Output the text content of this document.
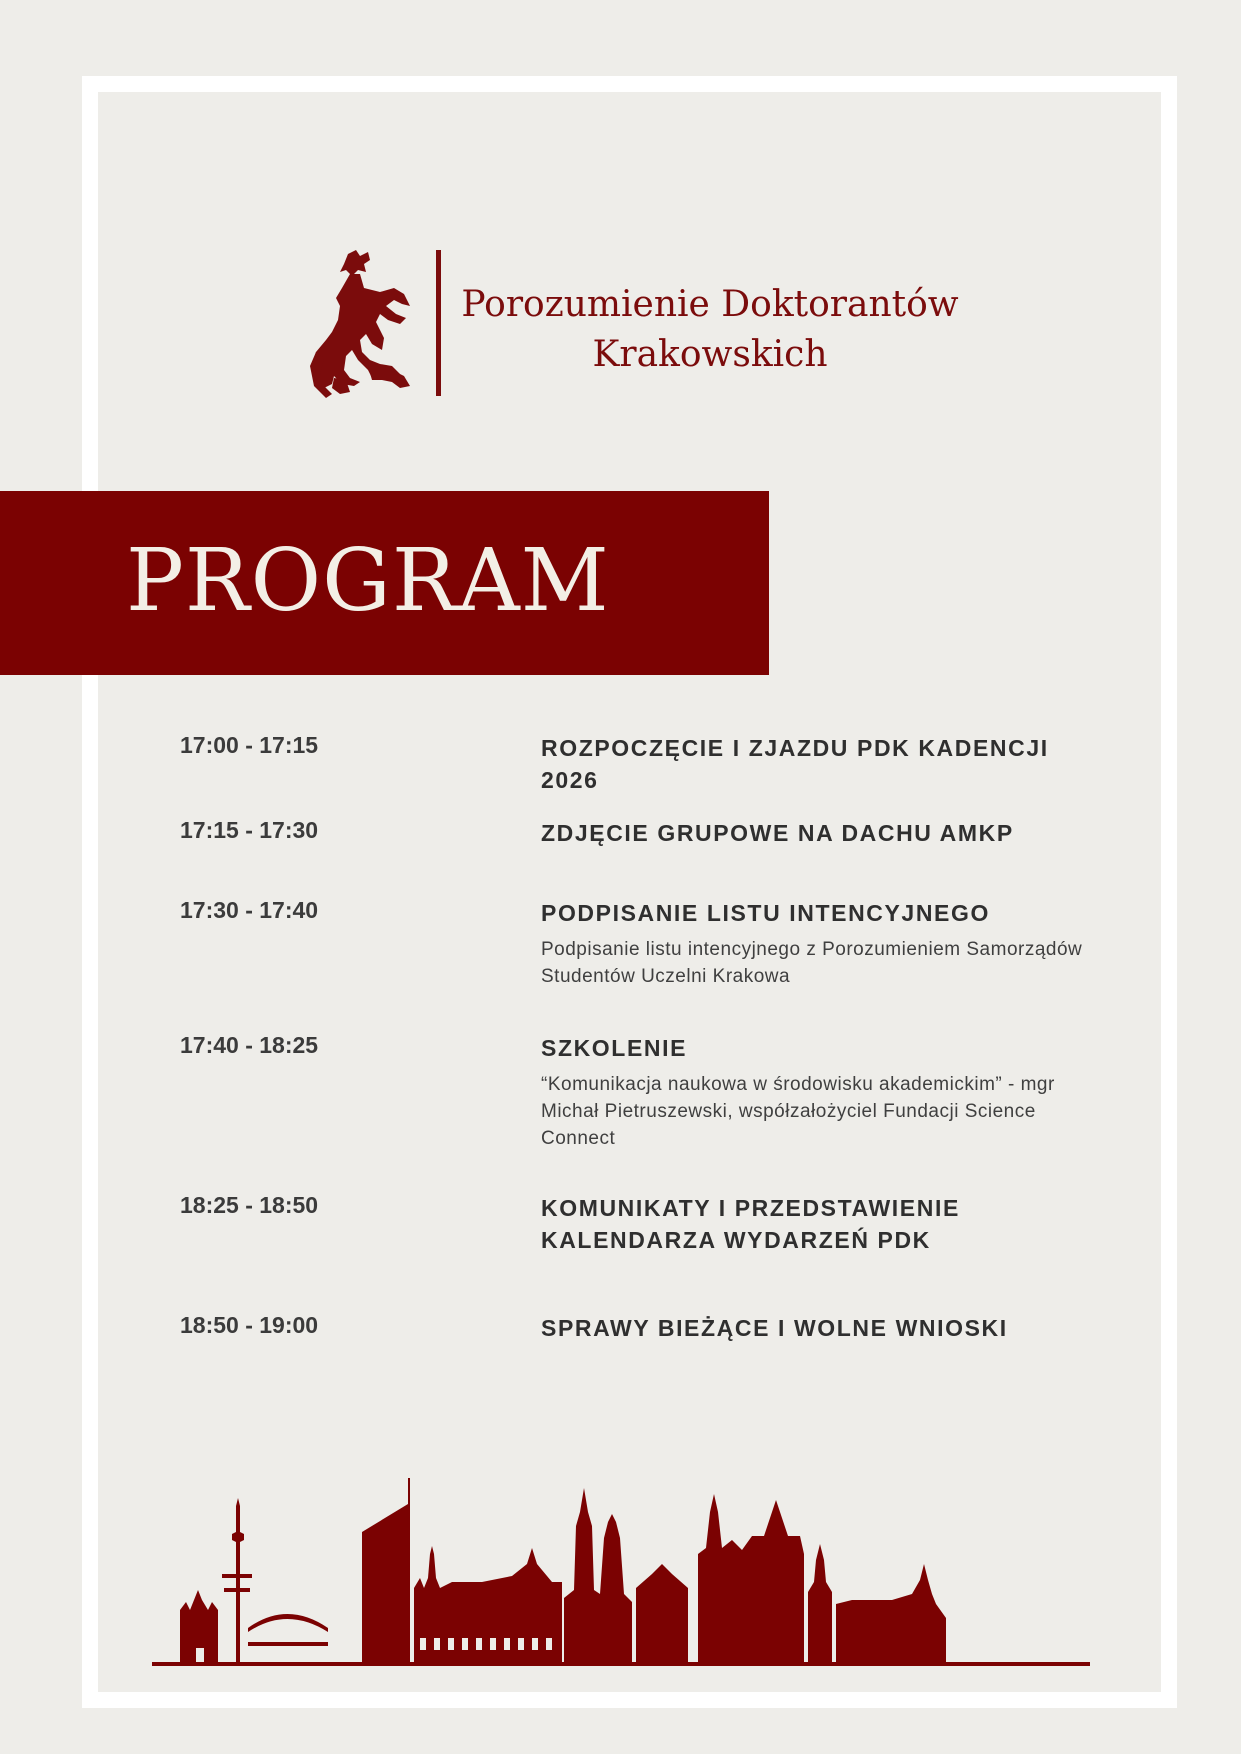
Porozumienie Doktorantów
Krakowskich
PROGRAM
17:00 - 17:15	ROZPOCZĘCIE I ZJAZDU PDK KADENCJI 2026

17:15 - 17:30	ZDJĘCIE GRUPOWE NA DACHU AMKP

17:30 - 17:40	PODPISANIE LISTU INTENCYJNEGO

Podpisanie listu intencyjnego z Porozumieniem Samorządów Studentów Uczelni Krakowa

17:40 - 18:25	SZKOLENIE

“Komunikacja naukowa w środowisku akademickim” - mgr Michał Pietruszewski, współzałożyciel Fundacji Science Connect

18:25 - 18:50	KOMUNIKATY I PRZEDSTAWIENIE KALENDARZA WYDARZEŃ PDK

18:50 - 19:00	SPRAWY BIEŻĄCE I WOLNE WNIOSKI
